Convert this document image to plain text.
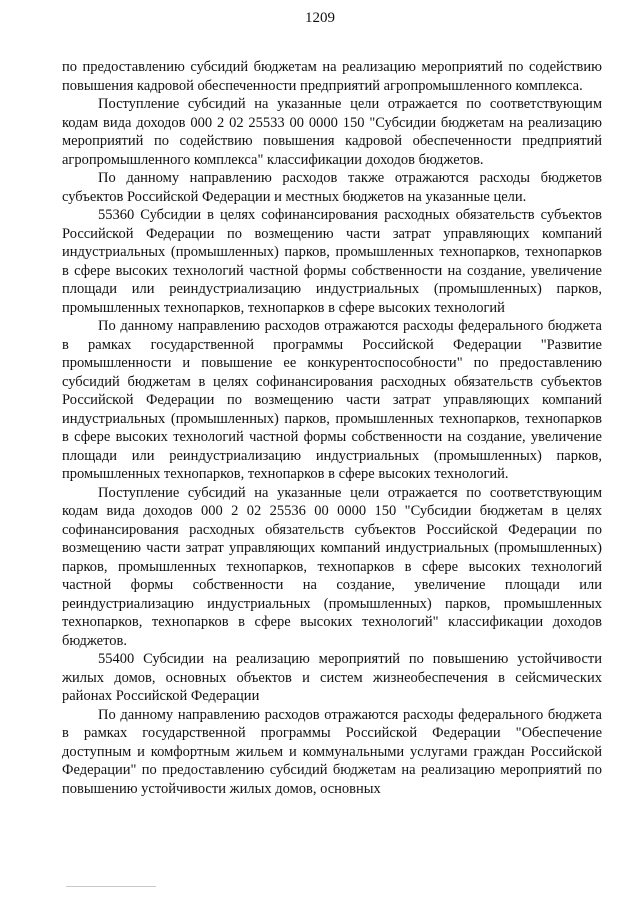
1209

по предоставлению субсидий бюджетам на реализацию мероприятий по содействию повышения кадровой обеспеченности предприятий агропромышленного комплекса.

Поступление субсидий на указанные цели отражается по соответствующим кодам вида доходов 000 2 02 25533 00 0000 150 "Субсидии бюджетам на реализацию мероприятий по содействию повышения кадровой обеспеченности предприятий агропромышленного комплекса" классификации доходов бюджетов.

По данному направлению расходов также отражаются расходы бюджетов субъектов Российской Федерации и местных бюджетов на указанные цели.

55360 Субсидии в целях софинансирования расходных обязательств субъектов Российской Федерации по возмещению части затрат управляющих компаний индустриальных (промышленных) парков, промышленных технопарков, технопарков в сфере высоких технологий частной формы собственности на создание, увеличение площади или реиндустриализацию индустриальных (промышленных) парков, промышленных технопарков, технопарков в сфере высоких технологий

По данному направлению расходов отражаются расходы федерального бюджета в рамках государственной программы Российской Федерации "Развитие промышленности и повышение ее конкурентоспособности" по предоставлению субсидий бюджетам в целях софинансирования расходных обязательств субъектов Российской Федерации по возмещению части затрат управляющих компаний индустриальных (промышленных) парков, промышленных технопарков, технопарков в сфере высоких технологий частной формы собственности на создание, увеличение площади или реиндустриализацию индустриальных (промышленных) парков, промышленных технопарков, технопарков в сфере высоких технологий.

Поступление субсидий на указанные цели отражается по соответствующим кодам вида доходов 000 2 02 25536 00 0000 150 "Субсидии бюджетам в целях софинансирования расходных обязательств субъектов Российской Федерации по возмещению части затрат управляющих компаний индустриальных (промышленных) парков, промышленных технопарков, технопарков в сфере высоких технологий частной формы собственности на создание, увеличение площади или реиндустриализацию индустриальных (промышленных) парков, промышленных технопарков, технопарков в сфере высоких технологий" классификации доходов бюджетов.

55400 Субсидии на реализацию мероприятий по повышению устойчивости жилых домов, основных объектов и систем жизнеобеспечения в сейсмических районах Российской Федерации

По данному направлению расходов отражаются расходы федерального бюджета в рамках государственной программы Российской Федерации "Обеспечение доступным и комфортным жильем и коммунальными услугами граждан Российской Федерации" по предоставлению субсидий бюджетам на реализацию мероприятий по повышению устойчивости жилых домов, основных
